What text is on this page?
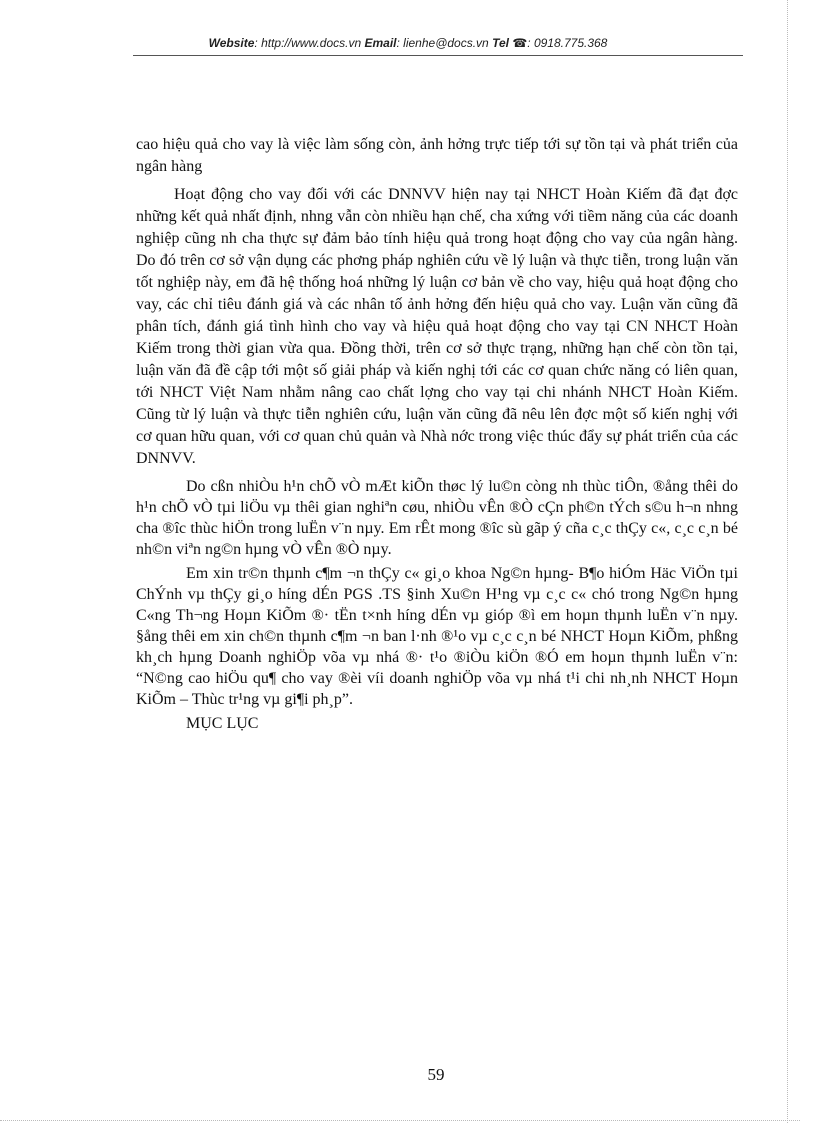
Website: http://www.docs.vn Email: lienhe@docs.vn Tel ☎: 0918.775.368

cao hiệu quả cho vay là việc làm sống còn, ảnh hởng trực tiếp tới sự tồn tại và phát triển của ngân hàng

Hoạt động cho vay đối với các DNNVV hiện nay tại NHCT Hoàn Kiếm đã đạt đợc những kết quả nhất định, nhng vẫn còn nhiều hạn chế, cha xứng với tiềm năng của các doanh nghiệp cũng nh cha thực sự đảm bảo tính hiệu quả trong hoạt động cho vay của ngân hàng. Do đó trên cơ sở vận dụng các phơng pháp nghiên cứu về lý luận và thực tiễn, trong luận văn tốt nghiệp này, em đã hệ thống hoá những lý luận cơ bản về cho vay, hiệu quả hoạt động cho vay, các chỉ tiêu đánh giá và các nhân tố ảnh hởng đến hiệu quả cho vay. Luận văn cũng đã phân tích, đánh giá tình hình cho vay và hiệu quả hoạt động cho vay tại CN NHCT Hoàn Kiếm trong thời gian vừa qua. Đồng thời, trên cơ sở thực trạng, những hạn chế còn tồn tại, luận văn đã đề cập tới một số giải pháp và kiến nghị tới các cơ quan chức năng có liên quan, tới NHCT Việt Nam nhằm nâng cao chất lợng cho vay tại chi nhánh NHCT Hoàn Kiếm. Cũng từ lý luận và thực tiễn nghiên cứu, luận văn cũng đã nêu lên đợc một số kiến nghị với cơ quan hữu quan, với cơ quan chủ quản và Nhà nớc trong việc thúc đẩy sự phát triển của các DNNVV.

Do cßn nhiÒu h¹n chÕ vÒ mÆt kiÕn thøc lý lu©n còng nh thùc tiÔn, ®ång thêi do h¹n chÕ vÒ tµi liÖu vµ thêi gian nghiªn cøu, nhiÒu vÊn ®Ò cÇn ph©n tÝch s©u h¬n nhng cha ®îc thùc hiÖn trong luËn v¨n nµy. Em rÊt mong ®îc sù gãp ý cña c¸c thÇy c«, c¸c c¸n bé nh©n viªn ng©n hµng vÒ vÊn ®Ò nµy.

Em xin tr©n thµnh c¶m ¬n thÇy c« gi¸o khoa Ng©n hµng- B¶o hiÓm Häc ViÖn tµi ChÝnh vµ thÇy gi¸o híng dÉn PGS .TS §inh Xu©n H¹ng vµ c¸c c« chó trong Ng©n hµng C«ng Th¬ng Hoµn KiÕm ®· tËn t×nh híng dÉn vµ gióp ®ì em hoµn thµnh luËn v¨n nµy. §ång thêi em xin ch©n thµnh c¶m ¬n ban l·nh ®¹o vµ c¸c c¸n bé NHCT Hoµn KiÕm, phßng kh¸ch hµng Doanh nghiÖp võa vµ nhá ®· t¹o ®iÒu kiÖn ®Ó em hoµn thµnh luËn v¨n: “N©ng cao hiÖu qu¶ cho vay ®èi víi doanh nghiÖp võa vµ nhá t¹i chi nh¸nh NHCT Hoµn KiÕm – Thùc tr¹ng vµ gi¶i ph¸p”.

MỤC LỤC

59
